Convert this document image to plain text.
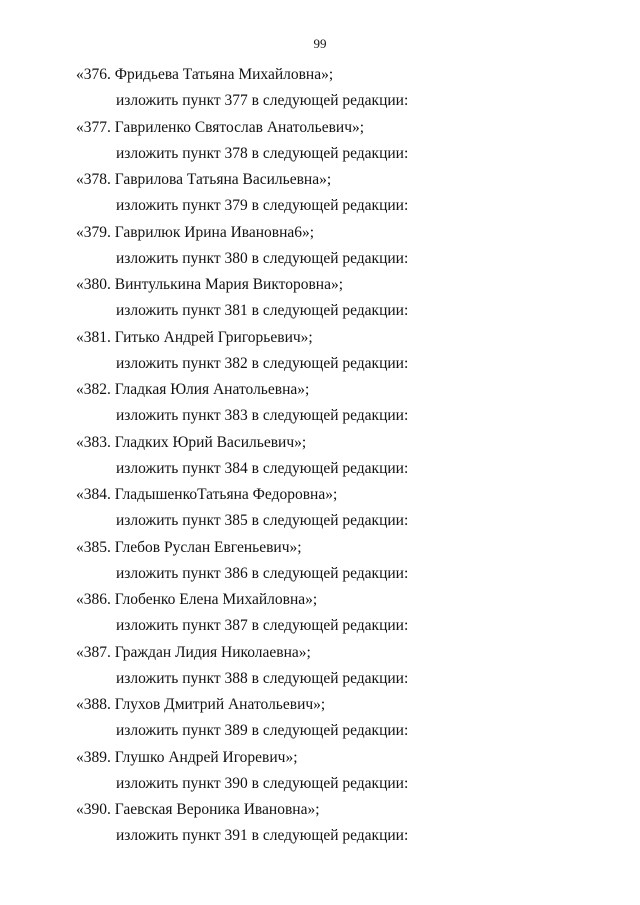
99
«376. Фридьева Татьяна Михайловна»;
изложить пункт 377 в следующей редакции:
«377. Гавриленко Святослав Анатольевич»;
изложить пункт 378 в следующей редакции:
«378. Гаврилова Татьяна Васильевна»;
изложить пункт 379 в следующей редакции:
«379. Гаврилюк Ирина Ивановна6»;
изложить пункт 380 в следующей редакции:
«380. Винтулькина Мария Викторовна»;
изложить пункт 381 в следующей редакции:
«381. Гитько Андрей Григорьевич»;
изложить пункт 382 в следующей редакции:
«382. Гладкая Юлия Анатольевна»;
изложить пункт 383 в следующей редакции:
«383. Гладких Юрий Васильевич»;
изложить пункт 384 в следующей редакции:
«384. ГладышенкоТатьяна Федоровна»;
изложить пункт 385 в следующей редакции:
«385. Глебов Руслан Евгеньевич»;
изложить пункт 386 в следующей редакции:
«386. Глобенко Елена Михайловна»;
изложить пункт 387 в следующей редакции:
«387. Граждан Лидия Николаевна»;
изложить пункт 388 в следующей редакции:
«388. Глухов Дмитрий Анатольевич»;
изложить пункт 389 в следующей редакции:
«389. Глушко Андрей Игоревич»;
изложить пункт 390 в следующей редакции:
«390. Гаевская Вероника Ивановна»;
изложить пункт 391 в следующей редакции:
